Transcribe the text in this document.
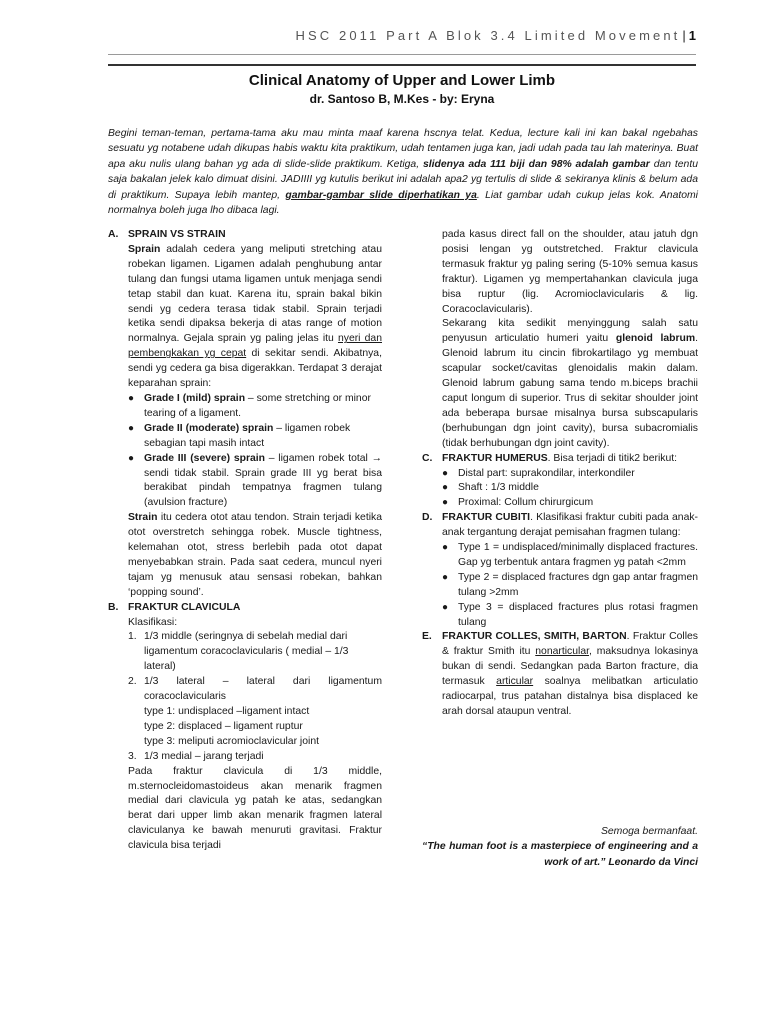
HSC 2011 Part A Blok 3.4 Limited Movement | 1
Clinical Anatomy of Upper and Lower Limb
dr. Santoso B, M.Kes - by: Eryna
Begini teman-teman, pertama-tama aku mau minta maaf karena hscnya telat. Kedua, lecture kali ini kan bakal ngebahas sesuatu yg notabene udah dikupas habis waktu kita praktikum, udah tentamen juga kan, jadi udah pada tau lah materinya. Buat apa aku nulis ulang bahan yg ada di slide-slide praktikum. Ketiga, slidenya ada 111 biji dan 98% adalah gambar dan tentu saja bakalan jelek kalo dimuat disini. JADIIII yg kutulis berikut ini adalah apa2 yg tertulis di slide & sekiranya klinis & belum ada di praktikum. Supaya lebih mantep, gambar-gambar slide diperhatikan ya. Liat gambar udah cukup jelas kok. Anatomi normalnya boleh juga lho dibaca lagi.
A. SPRAIN VS STRAIN
Sprain adalah cedera yang meliputi stretching atau robekan ligamen. Ligamen adalah penghubung antar tulang dan fungsi utama ligamen untuk menjaga sendi tetap stabil dan kuat. Karena itu, sprain bakal bikin sendi yg cedera terasa tidak stabil. Sprain terjadi ketika sendi dipaksa bekerja di atas range of motion normalnya. Gejala sprain yg paling jelas itu nyeri dan pembengkakan yg cepat di sekitar sendi. Akibatnya, sendi yg cedera ga bisa digerakkan. Terdapat 3 derajat keparahan sprain:
● Grade I (mild) sprain – some stretching or minor tearing of a ligament.
● Grade II (moderate) sprain – ligamen robek sebagian tapi masih intact
● Grade III (severe) sprain – ligamen robek total → sendi tidak stabil. Sprain grade III yg berat bisa berakibat pindah tempatnya fragmen tulang (avulsion fracture)
Strain itu cedera otot atau tendon. Strain terjadi ketika otot overstretch sehingga robek. Muscle tightness, kelemahan otot, stress berlebih pada otot dapat menyebabkan strain. Pada saat cedera, muncul nyeri tajam yg menusuk atau sensasi robekan, bahkan ‘popping sound’.
B. FRAKTUR CLAVICULA
Klasifikasi:
1. 1/3 middle (seringnya di sebelah medial dari ligamentum coracoclavicularis ( medial – 1/3 lateral)
2. 1/3 lateral – lateral dari ligamentum coracoclavicularis
type 1: undisplaced –ligament intact
type 2: displaced – ligament ruptur
type 3: meliputi acromioclavicular joint
3. 1/3 medial – jarang terjadi
Pada fraktur clavicula di 1/3 middle, m.sternocleidomastoideus akan menarik fragmen medial dari clavicula yg patah ke atas, sedangkan berat dari upper limb akan menarik fragmen lateral claviculanya ke bawah menuruti gravitasi. Fraktur clavicula bisa terjadi
pada kasus direct fall on the shoulder, atau jatuh dgn posisi lengan yg outstretched. Fraktur clavicula termasuk fraktur yg paling sering (5-10% semua kasus fraktur). Ligamen yg mempertahankan clavicula juga bisa ruptur (lig. Acromioclavicularis & lig. Coracoclavicularis).
Sekarang kita sedikit menyinggung salah satu penyusun articulatio humeri yaitu glenoid labrum. Glenoid labrum itu cincin fibrokartilago yg membuat scapular socket/cavitas glenoidalis makin dalam. Glenoid labrum gabung sama tendo m.biceps brachii caput longum di superior. Trus di sekitar shoulder joint ada beberapa bursae misalnya bursa subscapularis (berhubungan dgn joint cavity), bursa subacromialis (tidak berhubungan dgn joint cavity).
C. FRAKTUR HUMERUS. Bisa terjadi di titik2 berikut:
● Distal part: suprakondilar, interkondiler
● Shaft : 1/3 middle
● Proximal: Collum chirurgicum
D. FRAKTUR CUBITI. Klasifikasi fraktur cubiti pada anak-anak tergantung derajat pemisahan fragmen tulang:
● Type 1 = undisplaced/minimally displaced fractures. Gap yg terbentuk antara fragmen yg patah <2mm
● Type 2 = displaced fractures dgn gap antar fragmen tulang >2mm
● Type 3 = displaced fractures plus rotasi fragmen tulang
E. FRAKTUR COLLES, SMITH, BARTON. Fraktur Colles & fraktur Smith itu nonarticular, maksudnya lokasinya bukan di sendi. Sedangkan pada Barton fracture, dia termasuk articular soalnya melibatkan articulatio radiocarpal, trus patahan distalnya bisa displaced ke arah dorsal ataupun ventral.
Semoga bermanfaat.
“The human foot is a masterpiece of engineering and a work of art.” Leonardo da Vinci
